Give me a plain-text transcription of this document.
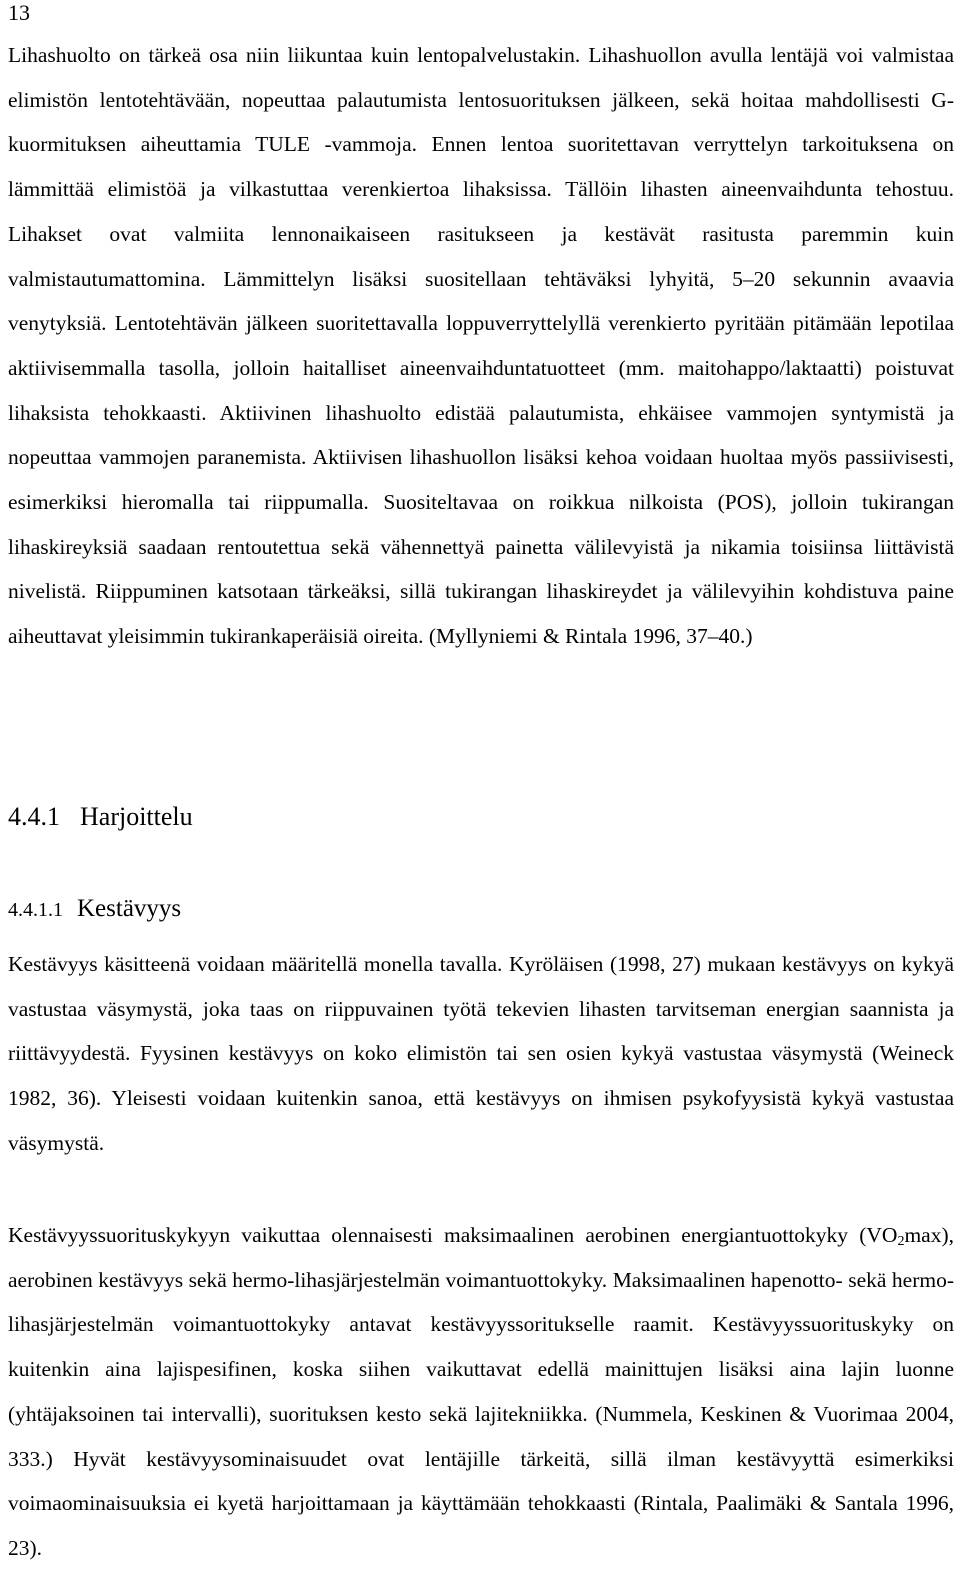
13

Lihashuolto on tärkeä osa niin liikuntaa kuin lentopalvelustakin. Lihashuollon avulla lentäjä voi valmistaa elimistön lentotehtävään, nopeuttaa palautumista lentosuorituksen jälkeen, sekä hoitaa mahdollisesti G-kuormituksen aiheuttamia TULE -vammoja. Ennen lentoa suoritettavan verryttelyn tarkoituksena on lämmittää elimistöä ja vilkastuttaa verenkiertoa lihaksissa. Tällöin lihasten aineenvaihdunta tehostuu. Lihakset ovat valmiita lennonaikaiseen rasitukseen ja kestävät rasitusta paremmin kuin valmistautumattomina. Lämmittelyn lisäksi suositellaan tehtäväksi lyhyitä, 5–20 sekunnin avaavia venytyksiä. Lentotehtävän jälkeen suoritettavalla loppuverryttelyllä verenkierto pyritään pitämään lepotilaa aktiivisemmalla tasolla, jolloin haitalliset aineenvaihduntatuotteet (mm. maitohappo/laktaatti) poistuvat lihaksista tehokkaasti. Aktiivinen lihashuolto edistää palautumista, ehkäisee vammojen syntymistä ja nopeuttaa vammojen paranemista. Aktiivisen lihashuollon lisäksi kehoa voidaan huoltaa myös passiivisesti, esimerkiksi hieromalla tai riippumalla. Suositeltavaa on roikkua nilkoista (POS), jolloin tukirangan lihaskireyksiä saadaan rentoutettua sekä vähennettyä painetta välilevyistä ja nikamia toisiinsa liittävistä nivelistä. Riippuminen katsotaan tärkeäksi, sillä tukirangan lihaskireydet ja välilevyihin kohdistuva paine aiheuttavat yleisimmin tukirankaperäisiä oireita. (Myllyniemi & Rintala 1996, 37–40.)

4.4.1 Harjoittelu
4.4.1.1 Kestävyys

Kestävyys käsitteenä voidaan määritellä monella tavalla. Kyröläisen (1998, 27) mukaan kestävyys on kykyä vastustaa väsymystä, joka taas on riippuvainen työtä tekevien lihasten tarvitseman energian saannista ja riittävyydestä. Fyysinen kestävyys on koko elimistön tai sen osien kykyä vastustaa väsymystä (Weineck 1982, 36). Yleisesti voidaan kuitenkin sanoa, että kestävyys on ihmisen psykofyysistä kykyä vastustaa väsymystä.

Kestävyyssuorituskykyyn vaikuttaa olennaisesti maksimaalinen aerobinen energiantuottokyky $(VO_2\max)$, aerobinen kestävyys sekä hermo-lihasjärjestelmän voimantuottokyky. Maksimaalinen hapenotto- sekä hermo-lihasjärjestelmän voimantuottokyky antavat kestävyyssoritukselle raamit. Kestävyyssuorituskyky on kuitenkin aina lajispesifinen, koska siihen vaikuttavat edellä mainittujen lisäksi aina lajin luonne (yhtäjaksoinen tai intervalli), suorituksen kesto sekä lajitekniikka. (Nummela, Keskinen & Vuorimaa 2004, 333.) Hyvät kestävyysominaisuudet ovat lentäjille tärkeitä, sillä ilman kestävyyttä esimerkiksi voimaominaisuuksia ei kyetä harjoittamaan ja käyttämään tehokkaasti (Rintala, Paalimäki & Santala 1996, 23).
